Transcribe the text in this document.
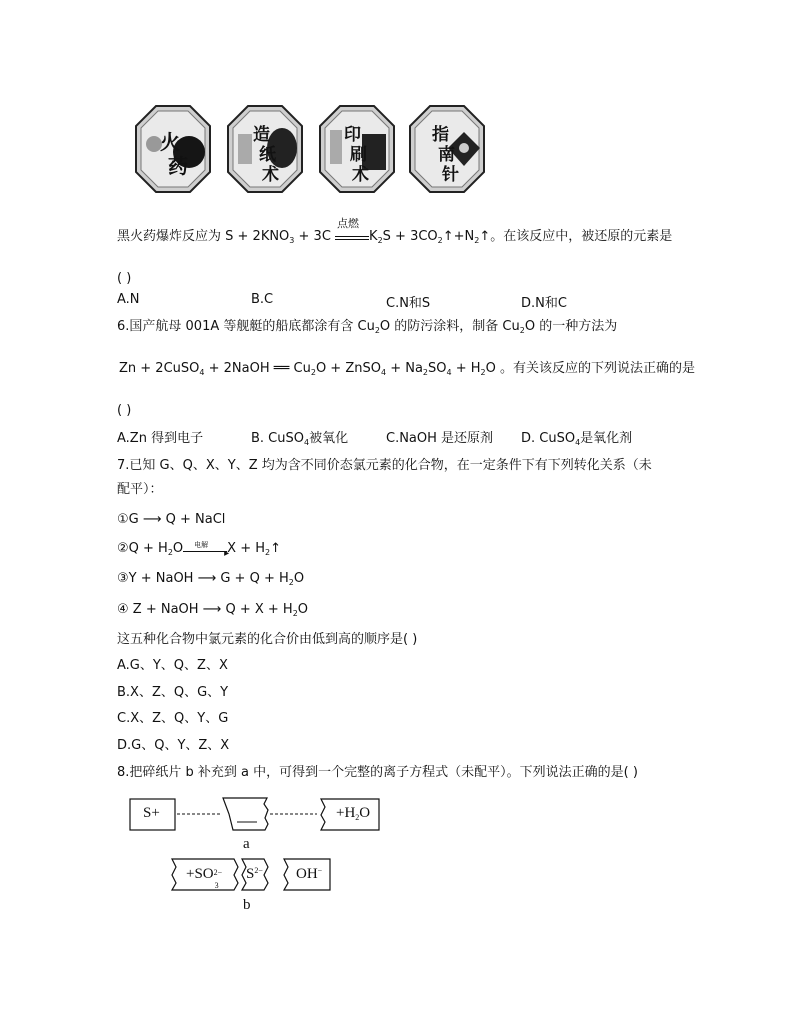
火
药
造
纸
术
印
刷
术
指
南
针
黑火药爆炸反应为 $S + 2KNO_3 + 3C$
点燃
$K_2S$ + $3CO_2↑+N_2↑$。在该反应中，被还原的元素是
( )
A.N	B.C	C.N和S	D.N和C
6.国产航母 001A 等舰艇的船底都涂有含 $Cu_2O$ 的防污涂料，制备 $Cu_2O$ 的一种方法为
Zn + 2CuSO$_4$ + 2NaOH ══ $Cu_2O$ + ZnSO$_4$ + $Na_2SO_4 + H_2O$ 。有关该反应的下列说法正确的是
( )
A.Zn 得到电子	B. CuSO$_4$被氧化	C.NaOH 是还原剂 D. CuSO$_4$是氧化剂
7.已知 G、Q、X、Y、Z 均为含不同价态氯元素的化合物，在一定条件下有下列转化关系（未
配平）：
①G ⟶ Q + NaCl
②Q + $H_2O$ 电解
▸
$X + H_2↑$
③Y + NaOH ⟶ $G + Q + H_2O$
④ Z + NaOH ⟶ $Q + X + H_2O$
这五种化合物中氯元素的化合价由低到高的顺序是( )
A.G、Y、Q、Z、X
B.X、Z、Q、G、Y
C.X、Z、Q、Y、G
D.G、Q、Y、Z、X
8.把碎纸片 b 补充到 a 中，可得到一个完整的离子方程式（未配平）。下列说法正确的是( )
S+	$+H_2O$
a
+SO 2−
3
$S^{2-}$ OH−
b
